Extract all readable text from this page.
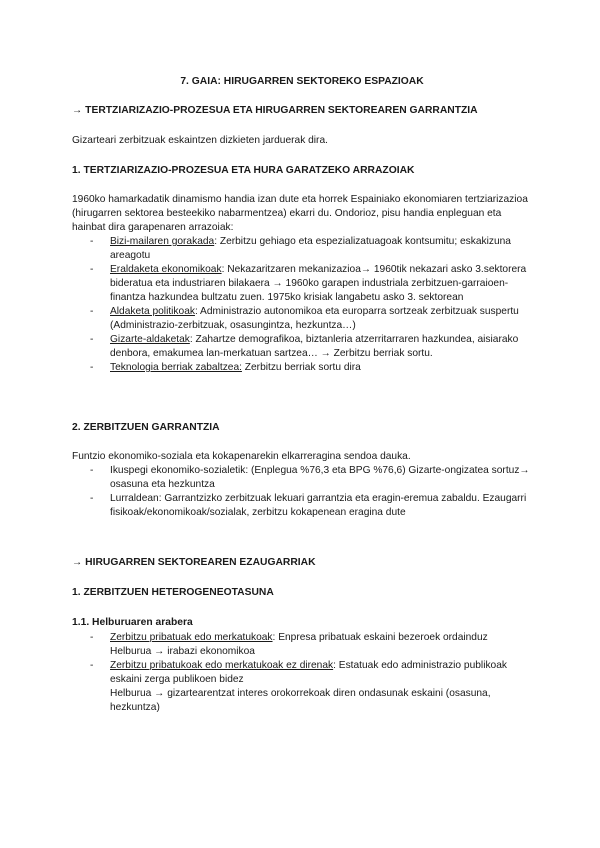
7. GAIA: HIRUGARREN SEKTOREKO ESPAZIOAK
→ TERTZIARIZAZIO-PROZESUA ETA HIRUGARREN SEKTOREAREN GARRANTZIA
Gizarteari zerbitzuak eskaintzen dizkieten jarduerak dira.
1. TERTZIARIZAZIO-PROZESUA ETA HURA GARATZEKO ARRAZOIAK
1960ko hamarkadatik dinamismo handia izan dute eta horrek Espainiako ekonomiaren tertziarizazioa (hirugarren sektorea besteekiko nabarmentzea) ekarri du. Ondorioz, pisu handia enpleguan eta hainbat dira garapenaren arrazoiak:
- Bizi-mailaren gorakada: Zerbitzu gehiago eta espezializatuagoak kontsumitu; eskakizuna areagotu
- Eraldaketa ekonomikoak: Nekazaritzaren mekanizazioa→ 1960tik nekazari asko 3.sektorera bideratua eta industriaren bilakaera → 1960ko garapen industriala zerbitzuen-garraioen-finantza hazkundea bultzatu zuen. 1975ko krisiak langabetu asko 3. sektorean
- Aldaketa politikoak: Administrazio autonomikoa eta europarra sortzeak zerbitzuak suspertu (Administrazio-zerbitzuak, osasungintza, hezkuntza…)
- Gizarte-aldaketak: Zahartze demografikoa, biztanleria atzerritarraren hazkundea, aisiarako denbora, emakumea lan-merkatuan sartzea… → Zerbitzu berriak sortu.
- Teknologia berriak zabaltzea: Zerbitzu berriak sortu dira
2. ZERBITZUEN GARRANTZIA
Funtzio ekonomiko-soziala eta kokapenarekin elkarreragina sendoa dauka.
- Ikuspegi ekonomiko-sozialetik: (Enplegua %76,3 eta BPG %76,6) Gizarte-ongizatea sortuz→ osasuna eta hezkuntza
- Lurraldean: Garrantzizko zerbitzuak lekuari garrantzia eta eragin-eremua zabaldu. Ezaugarri fisikoak/ekonomikoak/sozialak, zerbitzu kokapenean eragina dute
→ HIRUGARREN SEKTOREAREN EZAUGARRIAK
1. ZERBITZUEN HETEROGENEOTASUNA
1.1. Helburuaren arabera
- Zerbitzu pribatuak edo merkatukoak: Enpresa pribatuak eskaini bezeroek ordainduz
Helburua → irabazi ekonomikoa
- Zerbitzu pribatukoak edo merkatukoak ez direnak: Estatuak edo administrazio publikoak eskaini zerga publikoen bidez
Helburua → gizartearentzat interes orokorrekoak diren ondasunak eskaini (osasuna, hezkuntza)
